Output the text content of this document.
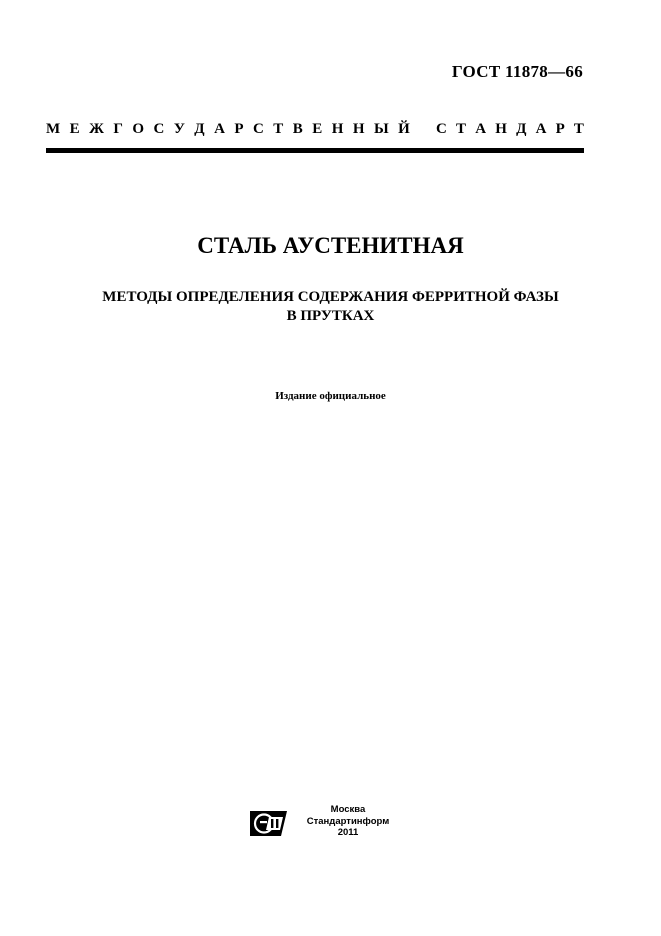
ГОСТ 11878—66
М Е Ж Г О С У Д А Р С Т В Е Н Н Ы Й С Т А Н Д А Р Т
СТАЛЬ АУСТЕНИТНАЯ
МЕТОДЫ ОПРЕДЕЛЕНИЯ СОДЕРЖАНИЯ ФЕРРИТНОЙ ФАЗЫ
В ПРУТКАХ
Издание официальное
Москва
Стандартинформ
2011
